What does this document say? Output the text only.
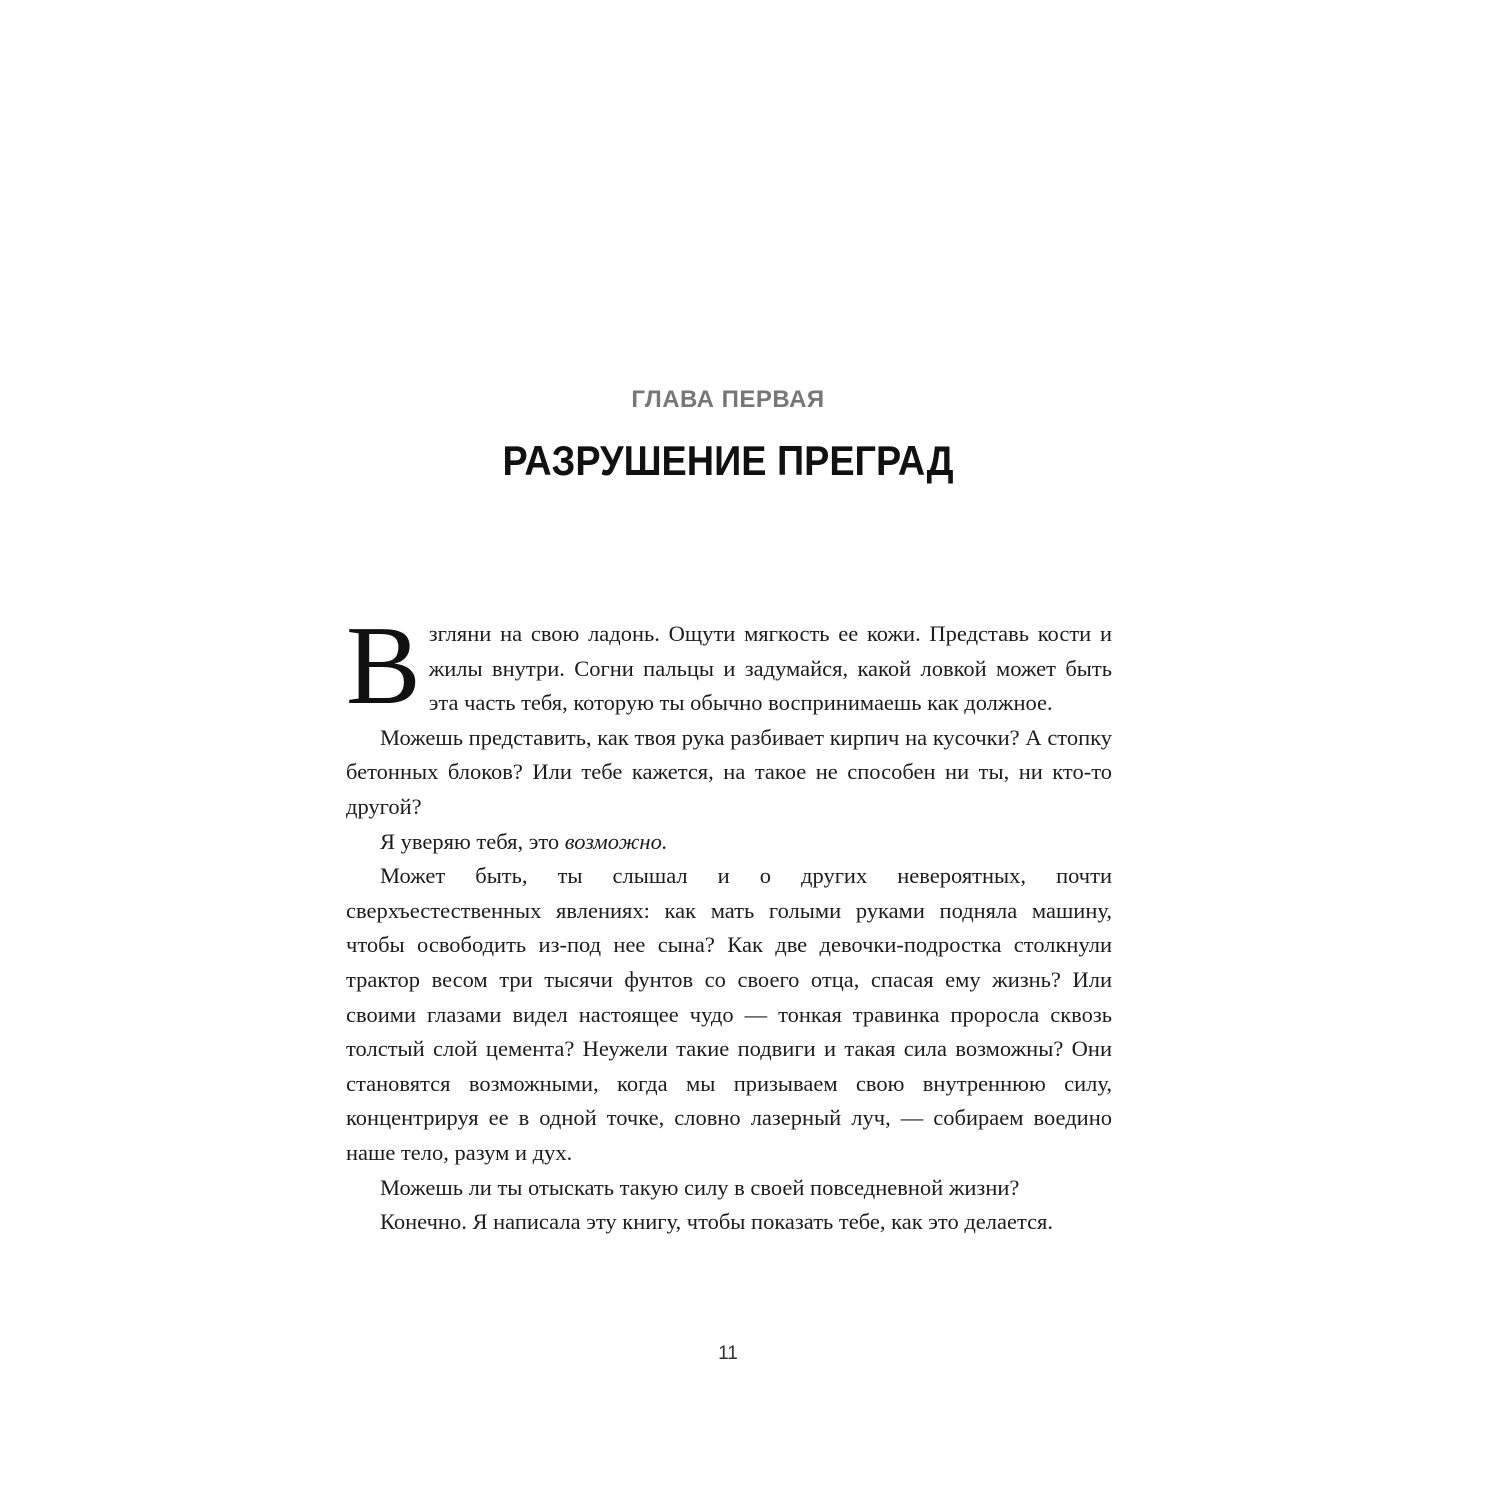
ГЛАВА ПЕРВАЯ
РАЗРУШЕНИЕ ПРЕГРАД

Взгляни на свою ладонь. Ощути мягкость ее кожи. Представь кости и жилы внутри. Согни пальцы и задумайся, какой ловкой может быть эта часть тебя, которую ты обычно воспринимаешь как должное.

Можешь представить, как твоя рука разбивает кирпич на кусочки? А стопку бетонных блоков? Или тебе кажется, на такое не способен ни ты, ни кто-то другой?

Я уверяю тебя, это возможно.

Может быть, ты слышал и о других невероятных, почти сверхъестественных явлениях: как мать голыми руками подняла машину, чтобы освободить из-под нее сына? Как две девочки-подростка столкнули трактор весом три тысячи фунтов со своего отца, спасая ему жизнь? Или своими глазами видел настоящее чудо — тонкая травинка проросла сквозь толстый слой цемента? Неужели такие подвиги и такая сила возможны? Они становятся возможными, когда мы призываем свою внутреннюю силу, концентрируя ее в одной точке, словно лазерный луч, — собираем воедино наше тело, разум и дух.

Можешь ли ты отыскать такую силу в своей повседневной жизни?

Конечно. Я написала эту книгу, чтобы показать тебе, как это делается.

11
